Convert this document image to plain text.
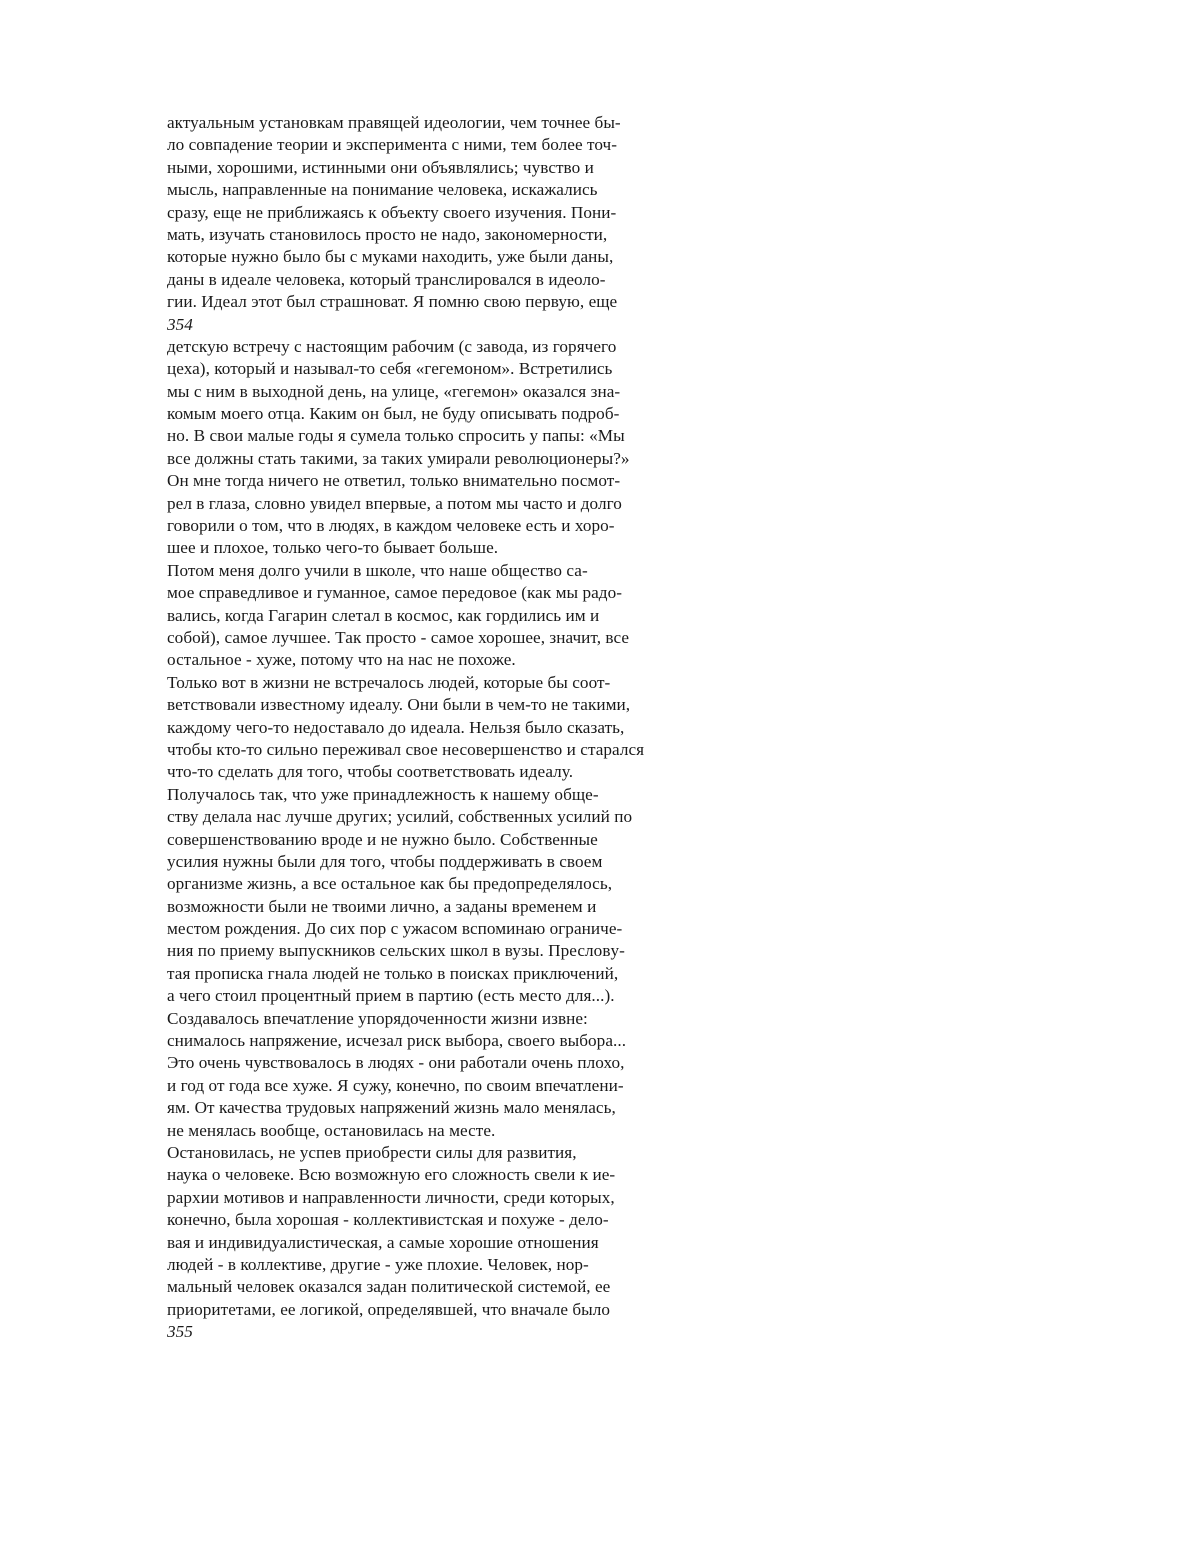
актуальным установкам правящей идеологии, чем точнее бы-
ло совпадение теории и эксперимента с ними, тем более точ-
ными, хорошими, истинными они объявлялись; чувство и
мысль, направленные на понимание человека, искажались
сразу, еще не приближаясь к объекту своего изучения. Пони-
мать, изучать становилось просто не надо, закономерности,
которые нужно было бы с муками находить, уже были даны,
даны в идеале человека, который транслировался в идеоло-
гии. Идеал этот был страшноват. Я помню свою первую, еще
354
детскую встречу с настоящим рабочим (с завода, из горячего
цеха), который и называл-то себя «гегемоном». Встретились
мы с ним в выходной день, на улице, «гегемон» оказался зна-
комым моего отца. Каким он был, не буду описывать подроб-
но. В свои малые годы я сумела только спросить у папы: «Мы
все должны стать такими, за таких умирали революционеры?»
Он мне тогда ничего не ответил, только внимательно посмот-
рел в глаза, словно увидел впервые, а потом мы часто и долго
говорили о том, что в людях, в каждом человеке есть и хоро-
шее и плохое, только чего-то бывает больше.
Потом меня долго учили в школе, что наше общество са-
мое справедливое и гуманное, самое передовое (как мы радо-
вались, когда Гагарин слетал в космос, как гордились им и
собой), самое лучшее. Так просто - самое хорошее, значит, все
остальное - хуже, потому что на нас не похоже.
Только вот в жизни не встречалось людей, которые бы соот-
ветствовали известному идеалу. Они были в чем-то не такими,
каждому чего-то недоставало до идеала. Нельзя было сказать,
чтобы кто-то сильно переживал свое несовершенство и старался
что-то сделать для того, чтобы соответствовать идеалу.
Получалось так, что уже принадлежность к нашему обще-
ству делала нас лучше других; усилий, собственных усилий по
совершенствованию вроде и не нужно было. Собственные
усилия нужны были для того, чтобы поддерживать в своем
организме жизнь, а все остальное как бы предопределялось,
возможности были не твоими лично, а заданы временем и
местом рождения. До сих пор с ужасом вспоминаю ограниче-
ния по приему выпускников сельских школ в вузы. Пресловy-
тая прописка гнала людей не только в поисках приключений,
а чего стоил процентный прием в партию (есть место для...).
Создавалось впечатление упорядоченности жизни извне:
снималось напряжение, исчезал риск выбора, своего выбора...
Это очень чувствовалось в людях - они работали очень плохо,
и год от года все хуже. Я сужу, конечно, по своим впечатлени-
ям. От качества трудовых напряжений жизнь мало менялась,
не менялась вообще, остановилась на месте.
Остановилась, не успев приобрести силы для развития,
наука о человеке. Всю возможную его сложность свели к ие-
рархии мотивов и направленности личности, среди которых,
конечно, была хорошая - коллективистская и похуже - дело-
вая и индивидуалистическая, а самые хорошие отношения
людей - в коллективе, другие - уже плохие. Человек, нор-
мальный человек оказался задан политической системой, ее
приоритетами, ее логикой, определявшей, что вначале было
355
